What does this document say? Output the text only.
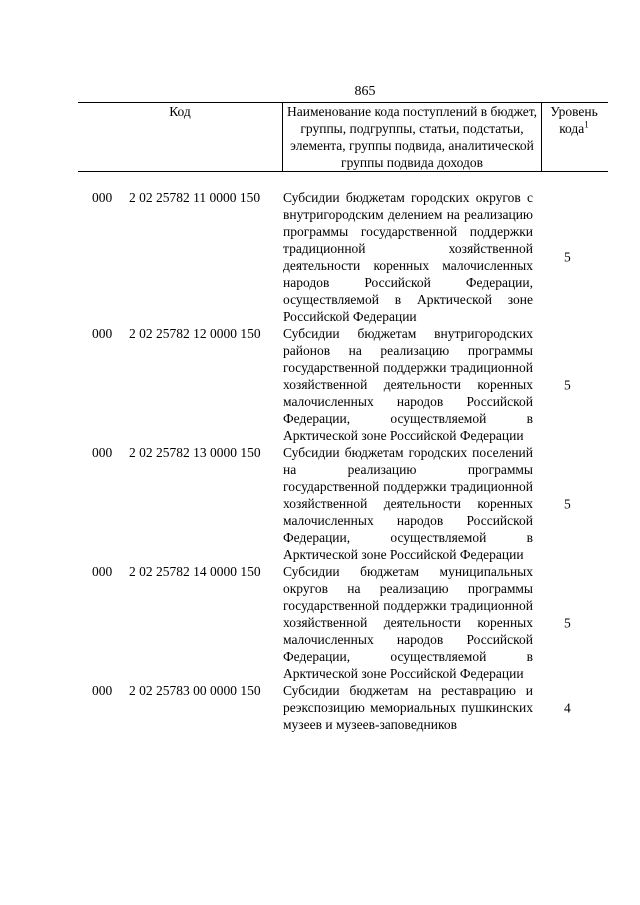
865
Код	Наименование кода поступлений в бюджет, группы, подгруппы, статьи, подстатьи, элемента, группы подвида, аналитической группы подвида доходов
Уровень кода$^1$
000 2 02 25782 11 0000 150 Субсидии бюджетам городских округов с внутригородским делением на реализацию программы государственной поддержки традиционной хозяйственной деятельности коренных малочисленных народов Российской Федерации, осуществляемой в Арктической зоне Российской Федерации
5
000 2 02 25782 12 0000 150 Субсидии бюджетам внутригородских районов на реализацию программы государственной поддержки традиционной хозяйственной деятельности коренных малочисленных народов Российской Федерации, осуществляемой в Арктической зоне Российской Федерации
5
000 2 02 25782 13 0000 150 Субсидии бюджетам городских поселений на реализацию программы государственной поддержки традиционной хозяйственной деятельности коренных малочисленных народов Российской Федерации, осуществляемой в Арктической зоне Российской Федерации
5
000 2 02 25782 14 0000 150 Субсидии бюджетам муниципальных округов на реализацию программы государственной поддержки традиционной хозяйственной деятельности коренных малочисленных народов Российской Федерации, осуществляемой в Арктической зоне Российской Федерации
5
000 2 02 25783 00 0000 150 Субсидии бюджетам на реставрацию и реэкспозицию мемориальных пушкинских музеев и музеев-заповедников
4
